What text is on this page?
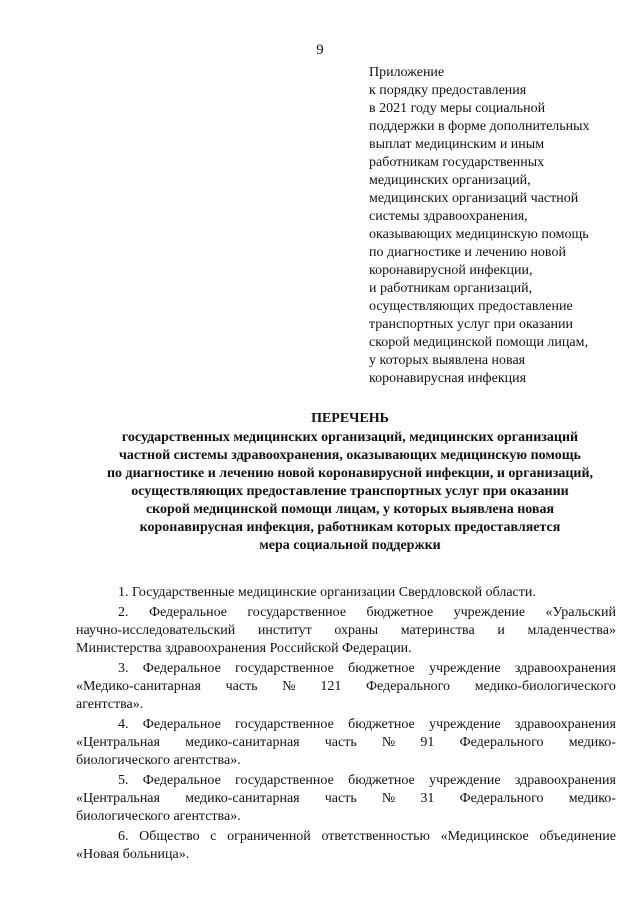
9
Приложение
к порядку предоставления
в 2021 году меры социальной
поддержки в форме дополнительных
выплат медицинским и иным
работникам государственных
медицинских организаций,
медицинских организаций частной
системы здравоохранения,
оказывающих медицинскую помощь
по диагностике и лечению новой
коронавирусной инфекции,
и работникам организаций,
осуществляющих предоставление
транспортных услуг при оказании
скорой медицинской помощи лицам,
у которых выявлена новая
коронавирусная инфекция
ПЕРЕЧЕНЬ
государственных медицинских организаций, медицинских организаций
частной системы здравоохранения, оказывающих медицинскую помощь
по диагностике и лечению новой коронавирусной инфекции, и организаций,
осуществляющих предоставление транспортных услуг при оказании
скорой медицинской помощи лицам, у которых выявлена новая
коронавирусная инфекция, работникам которых предоставляется
мера социальной поддержки
1. Государственные медицинские организации Свердловской области.
2. Федеральное государственное бюджетное учреждение «Уральский
научно-исследовательский институт охраны материнства и младенчества»
Министерства здравоохранения Российской Федерации.
3. Федеральное государственное бюджетное учреждение здравоохранения
«Медико-санитарная часть № 121 Федерального медико-биологического
агентства».
4. Федеральное государственное бюджетное учреждение здравоохранения
«Центральная медико-санитарная часть № 91 Федерального медико-
биологического агентства».
5. Федеральное государственное бюджетное учреждение здравоохранения
«Центральная медико-санитарная часть № 31 Федерального медико-
биологического агентства».
6. Общество с ограниченной ответственностью «Медицинское объединение
«Новая больница».
